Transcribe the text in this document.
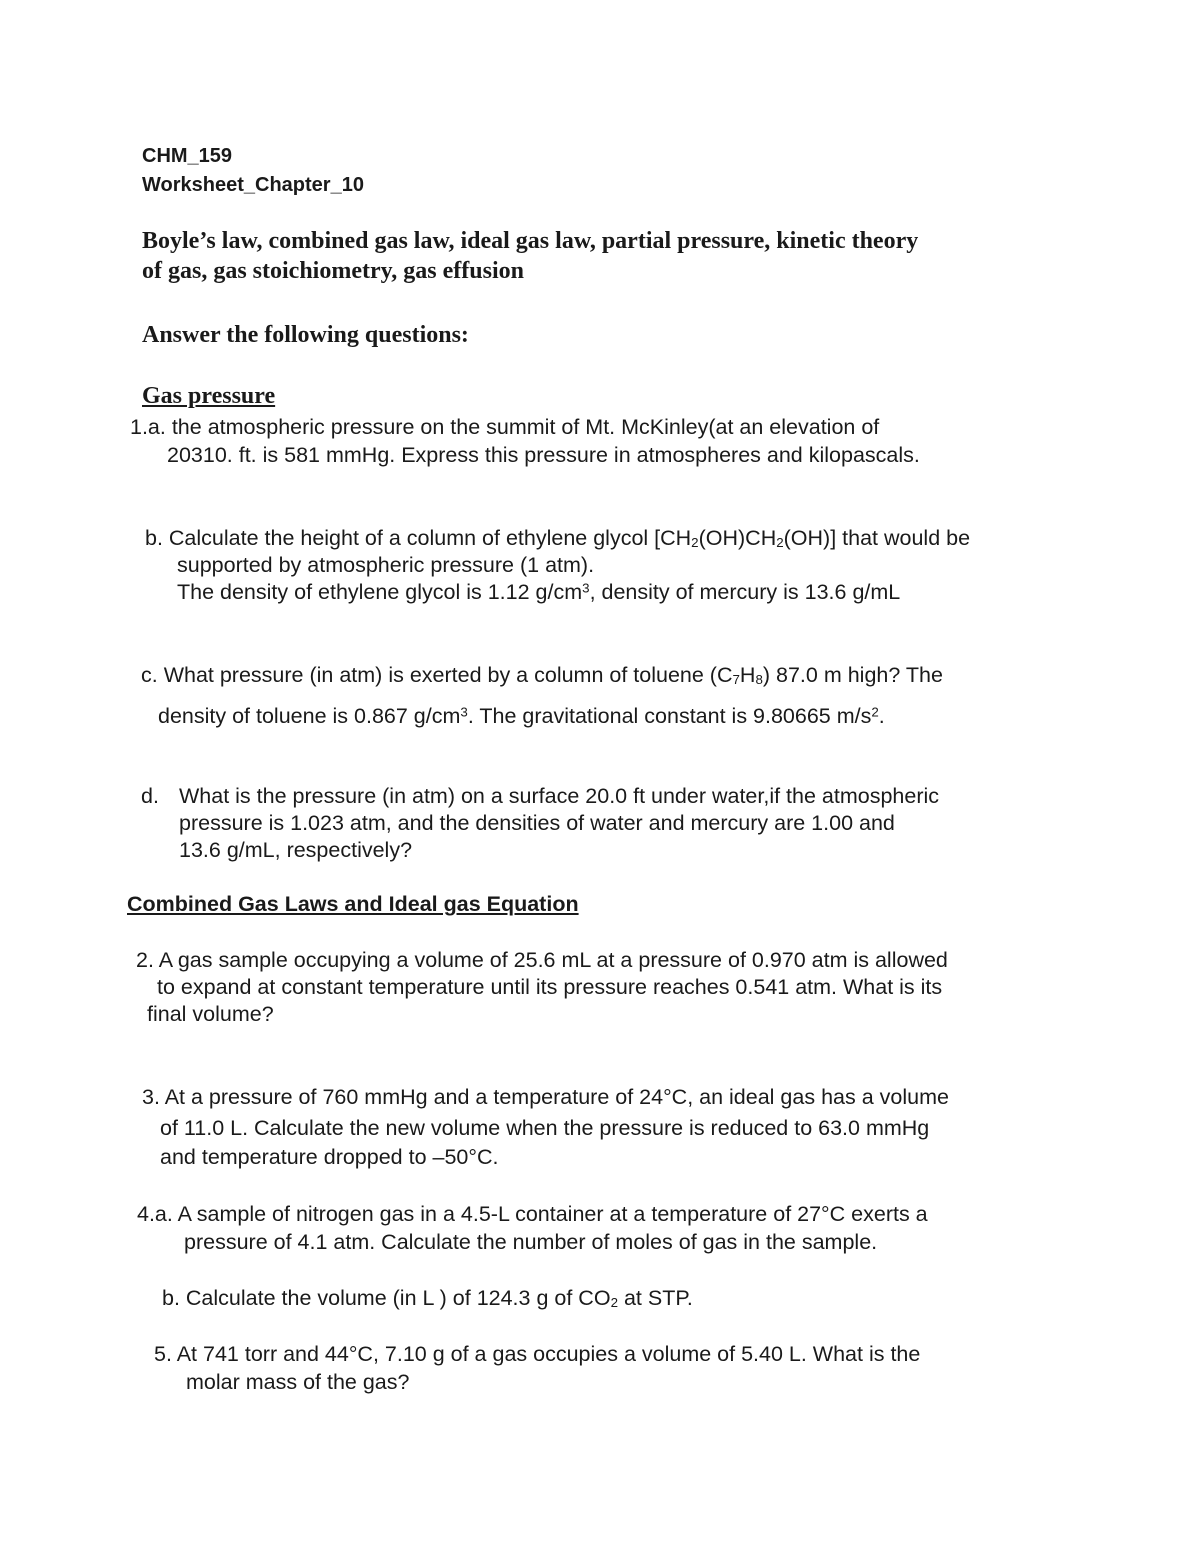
CHM_159
Worksheet_Chapter_10
Boyle’s law, combined gas law, ideal gas law, partial pressure, kinetic theory
of gas, gas stoichiometry, gas effusion
Answer the following questions:
Gas pressure
1.a. the atmospheric pressure on the summit of Mt. McKinley(at an elevation of
20310. ft. is 581 mmHg. Express this pressure in atmospheres and kilopascals.
b. Calculate the height of a column of ethylene glycol $[CH_2(OH)CH_2(OH)]$ that would be
supported by atmospheric pressure (1 atm).
The density of ethylene glycol is 1.12 $g/cm^3$, density of mercury is 13.6 g/mL
c. What pressure (in atm) is exerted by a column of toluene $(C_7H_8)$ 87.0 m high? The
density of toluene is 0.867 $g/cm^3$. The gravitational constant is 9.80665 $m/s^2$.
d. What is the pressure (in atm) on a surface 20.0 ft under water,if the atmospheric
pressure is 1.023 atm, and the densities of water and mercury are 1.00 and
13.6 g/mL, respectively?
Combined Gas Laws and Ideal gas Equation
2. A gas sample occupying a volume of 25.6 mL at a pressure of 0.970 atm is allowed
to expand at constant temperature until its pressure reaches 0.541 atm. What is its
final volume?
3. At a pressure of 760 mmHg and a temperature of 24°C, an ideal gas has a volume
of 11.0 L. Calculate the new volume when the pressure is reduced to 63.0 mmHg
and temperature dropped to –50°C.
4.a. A sample of nitrogen gas in a 4.5-L container at a temperature of 27°C exerts a
pressure of 4.1 atm. Calculate the number of moles of gas in the sample.
b. Calculate the volume (in L ) of 124.3 g of $CO_2$ at STP.
5. At 741 torr and 44°C, 7.10 g of a gas occupies a volume of 5.40 L. What is the
molar mass of the gas?
